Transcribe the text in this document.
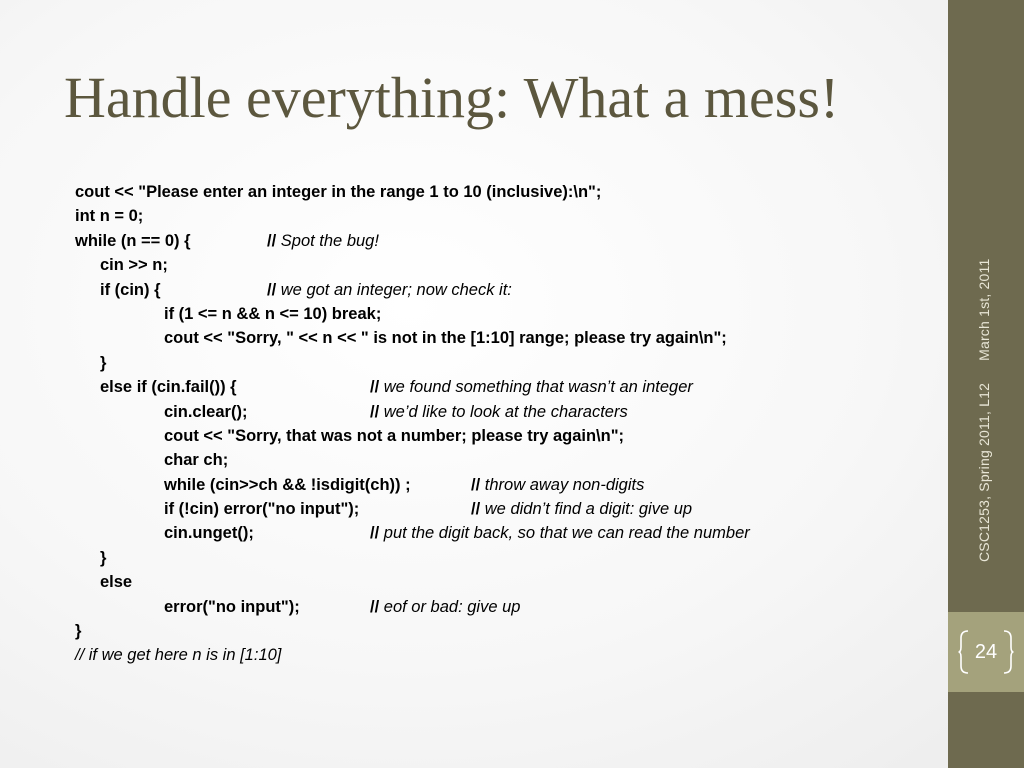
Handle everything: What a mess!
cout << "Please enter an integer in the range 1 to 10 (inclusive):\n";
int n = 0;
while (n == 0) {	// Spot the bug!
cin >> n;
if (cin) {	// we got an integer; now check it:
if (1 <= n && n <= 10) break;
cout << "Sorry, " << n << " is not in the [1:10] range; please try again\n";
}
else if (cin.fail()) {	// we found something that wasn’t an integer
cin.clear();	// we’d like to look at the characters
cout << "Sorry, that was not a number; please try again\n";
char ch;
while (cin>>ch && !isdigit(ch)) ;	// throw away non-digits
if (!cin) error("no input");	// we didn’t find a digit: give up
cin.unget();	// put the digit back, so that we can read the number
}
else
error("no input");	// eof or bad: give up
}
// if we get here n is in [1:10]
CSC1253, Spring 2011, L12March 1st, 2011
24
